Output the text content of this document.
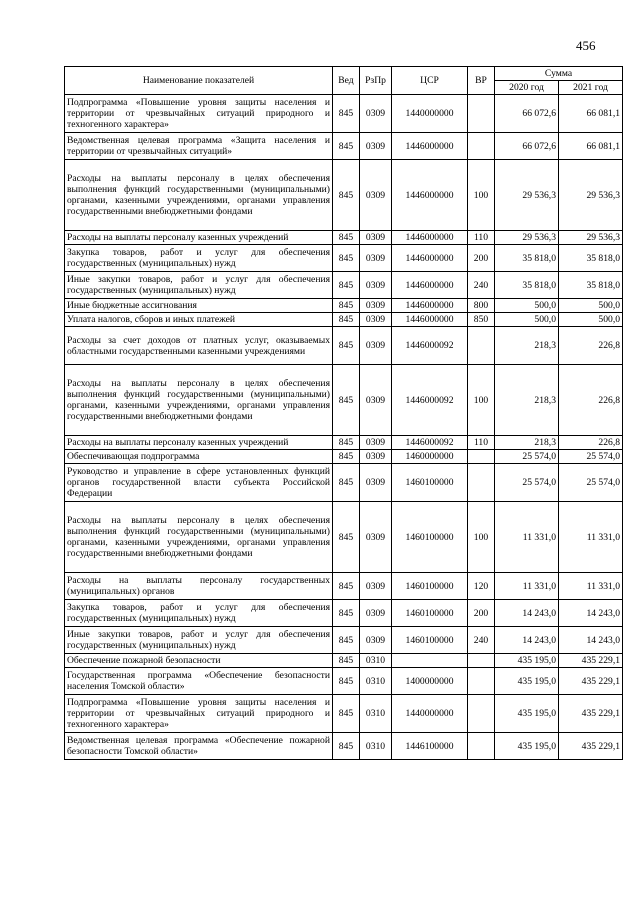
456
Наименование показателей	Вед	РзПр	ЦСР	ВР	Сумма	
					2020 год	2021 год
Подпрограмма «Повышение уровня защиты населения и территории от чрезвычайных ситуаций природного и техногенного характера»	845	0309	1440000000		66 072,6	66 081,1
Ведомственная целевая программа «Защита населения и территории от чрезвычайных ситуаций»	845	0309	1446000000		66 072,6	66 081,1
Расходы на выплаты персоналу в целях обеспечения выполнения функций государственными (муниципальными) органами, казенными учреждениями, органами управления государственными внебюджетными фондами	845	0309	1446000000	100	29 536,3	29 536,3
Расходы на выплаты персоналу казенных учреждений	845	0309	1446000000	110	29 536,3	29 536,3
Закупка товаров, работ и услуг для обеспечения государственных (муниципальных) нужд	845	0309	1446000000	200	35 818,0	35 818,0
Иные закупки товаров, работ и услуг для обеспечения государственных (муниципальных) нужд	845	0309	1446000000	240	35 818,0	35 818,0
Иные бюджетные ассигнования	845	0309	1446000000	800	500,0	500,0
Уплата налогов, сборов и иных платежей	845	0309	1446000000	850	500,0	500,0
Расходы за счет доходов от платных услуг, оказываемых областными государственными казенными учреждениями	845	0309	1446000092		218,3	226,8
Расходы на выплаты персоналу в целях обеспечения выполнения функций государственными (муниципальными) органами, казенными учреждениями, органами управления государственными внебюджетными фондами	845	0309	1446000092	100	218,3	226,8
Расходы на выплаты персоналу казенных учреждений	845	0309	1446000092	110	218,3	226,8
Обеспечивающая подпрограмма	845	0309	1460000000		25 574,0	25 574,0
Руководство и управление в сфере установленных функций органов государственной власти субъекта Российской Федерации	845	0309	1460100000		25 574,0	25 574,0
Расходы на выплаты персоналу в целях обеспечения выполнения функций государственными (муниципальными) органами, казенными учреждениями, органами управления государственными внебюджетными фондами	845	0309	1460100000	100	11 331,0	11 331,0
Расходы на выплаты персоналу государственных (муниципальных) органов	845	0309	1460100000	120	11 331,0	11 331,0
Закупка товаров, работ и услуг для обеспечения государственных (муниципальных) нужд	845	0309	1460100000	200	14 243,0	14 243,0
Иные закупки товаров, работ и услуг для обеспечения государственных (муниципальных) нужд	845	0309	1460100000	240	14 243,0	14 243,0
Обеспечение пожарной безопасности	845	0310			435 195,0	435 229,1
Государственная программа «Обеспечение безопасности населения Томской области»	845	0310	1400000000		435 195,0	435 229,1
Подпрограмма «Повышение уровня защиты населения и территории от чрезвычайных ситуаций природного и техногенного характера»	845	0310	1440000000		435 195,0	435 229,1
Ведомственная целевая программа «Обеспечение пожарной безопасности Томской области»	845	0310	1446100000		435 195,0	435 229,1
